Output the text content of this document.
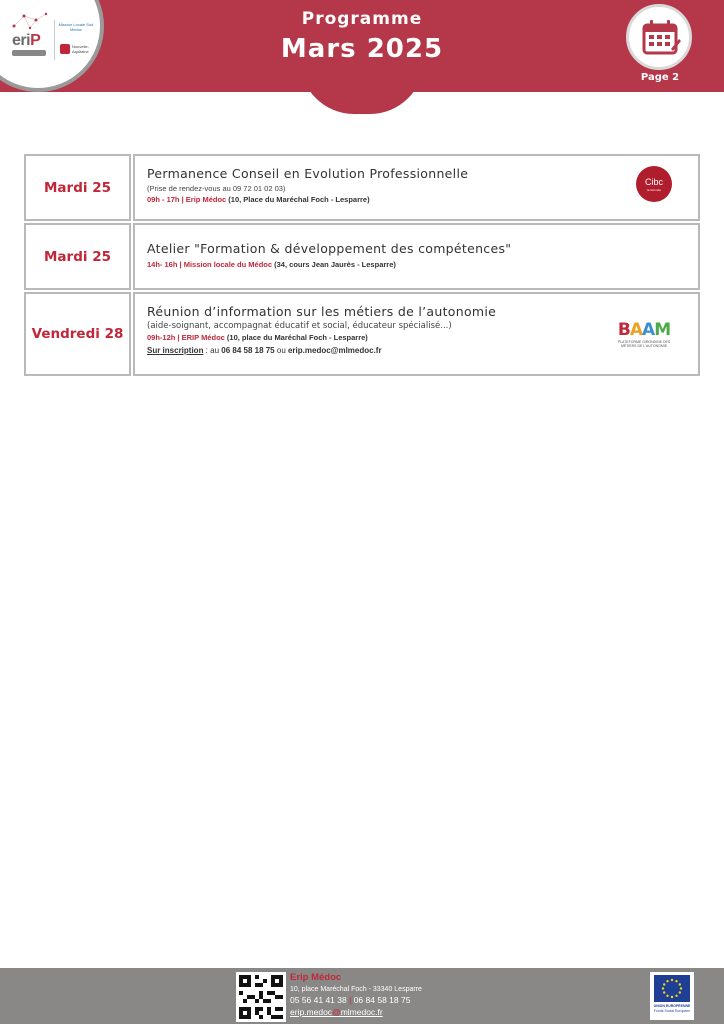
eriP
Mission Locale Sud Médoc
Nouvelle-Aquitaine
Programme
Mars 2025
Page 2
Mardi 25
Permanence Conseil en Evolution Professionnelle
(Prise de rendez-vous au 09 72 01 02 03)
09h - 17h | Erip Médoc (10, Place du Maréchal Foch - Lesparre)
Cibc
la Gironde
Mardi 25	Atelier "Formation & développement des compétences"
14h- 16h | Mission locale du Médoc (34, cours Jean Jaurès - Lesparre)
Vendredi 28
Réunion d’information sur les métiers de l’autonomie
(aide-soignant, accompagnat éducatif et social, éducateur spécialisé...)
09h-12h | ERIP Médoc (10, place du Maréchal Foch - Lesparre)
Sur inscription : au 06 84 58 18 75 ou erip.medoc@mlmedoc.fr
BAAM
PLATEFORME GIRONDINE DES MÉTIERS DE L'AUTONOMIE
Erip Médoc
10, place Maréchal Foch - 33340 Lesparre
05 56 41 41 38 | 06 84 58 18 75
erip.medoc@mlmedoc.fr
UNION EUROPÉENNE
Fonds Social Européen
